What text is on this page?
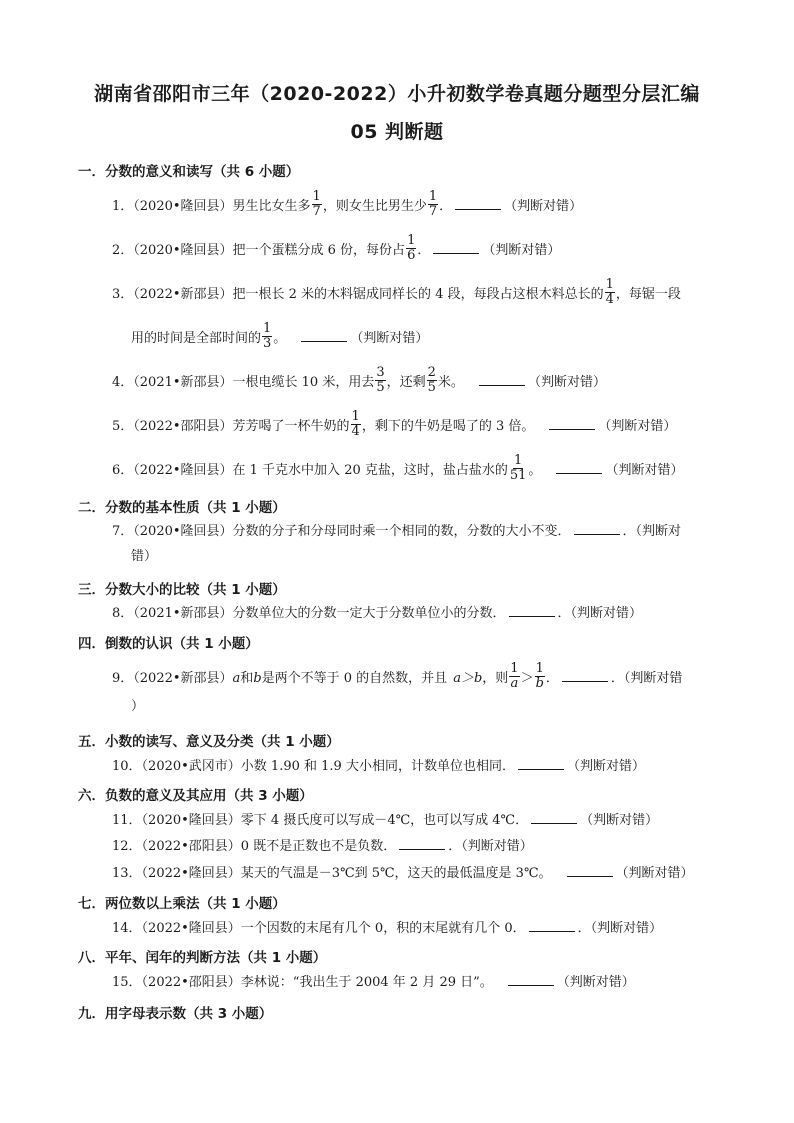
湖南省邵阳市三年（2020-2022）小升初数学卷真题分题型分层汇编
05 判断题
一．分数的意义和读写（共 6 小题）
1．（2020•隆回县）男生比女生多 $\frac{1}{7}$ ，则女生比男生少 $\frac{1}{7}$ ．	（判断对错）
2．（2020•隆回县）把一个蛋糕分成 6 份，每份占 $\frac{1}{6}$ ．	（判断对错）
3．（2022•新邵县）把一根长 2 米的木料锯成同样长的 4 段，每段占这根木料总长的 $\frac{1}{4}$ ，每锯一段
用的时间是全部时间的 $\frac{1}{3}$ 。	（判断对错）
4．（2021•新邵县）一根电缆长 10 米，用去 $\frac{3}{5}$ ，还剩 $\frac{2}{5}$ 米。	（判断对错）
5．（2022•邵阳县）芳芳喝了一杯牛奶的 $\frac{1}{4}$ ，剩下的牛奶是喝了的 3 倍。	（判断对错）
6．（2022•隆回县）在 1 千克水中加入 20 克盐，这时，盐占盐水的 $\frac{1}{51}$ 。	（判断对错）
二．分数的基本性质（共 1 小题）
7．（2020•隆回县）分数的分子和分母同时乘一个相同的数，分数的大小不变．	．（判断对
错）
三．分数大小的比较（共 1 小题）
8．（2021•新邵县）分数单位大的分数一定大于分数单位小的分数．	．（判断对错）
四．倒数的认识（共 1 小题）
9．（2022•新邵县）a和b是两个不等于 0 的自然数，并且 a＞b，则 $\frac{1}{a} > \frac{1}{b}$ ．	．（判断对错
）
五．小数的读写、意义及分类（共 1 小题）
10．（2020•武冈市）小数 1.90 和 1.9 大小相同，计数单位也相同．	（判断对错）
六．负数的意义及其应用（共 3 小题）
11．（2020•隆回县）零下 4 摄氏度可以写成－4℃，也可以写成 4℃．	（判断对错）
12．（2022•邵阳县）0 既不是正数也不是负数．	．（判断对错）
13．（2022•隆回县）某天的气温是－3℃到 5℃，这天的最低温度是 3℃。	（判断对错）
七．两位数以上乘法（共 1 小题）
14．（2022•隆回县）一个因数的末尾有几个 0，积的末尾就有几个 0．	．（判断对错）
八．平年、闰年的判断方法（共 1 小题）
15．（2022•邵阳县）李林说：“我出生于 2004 年 2 月 29 日”。	（判断对错）
九．用字母表示数（共 3 小题）
